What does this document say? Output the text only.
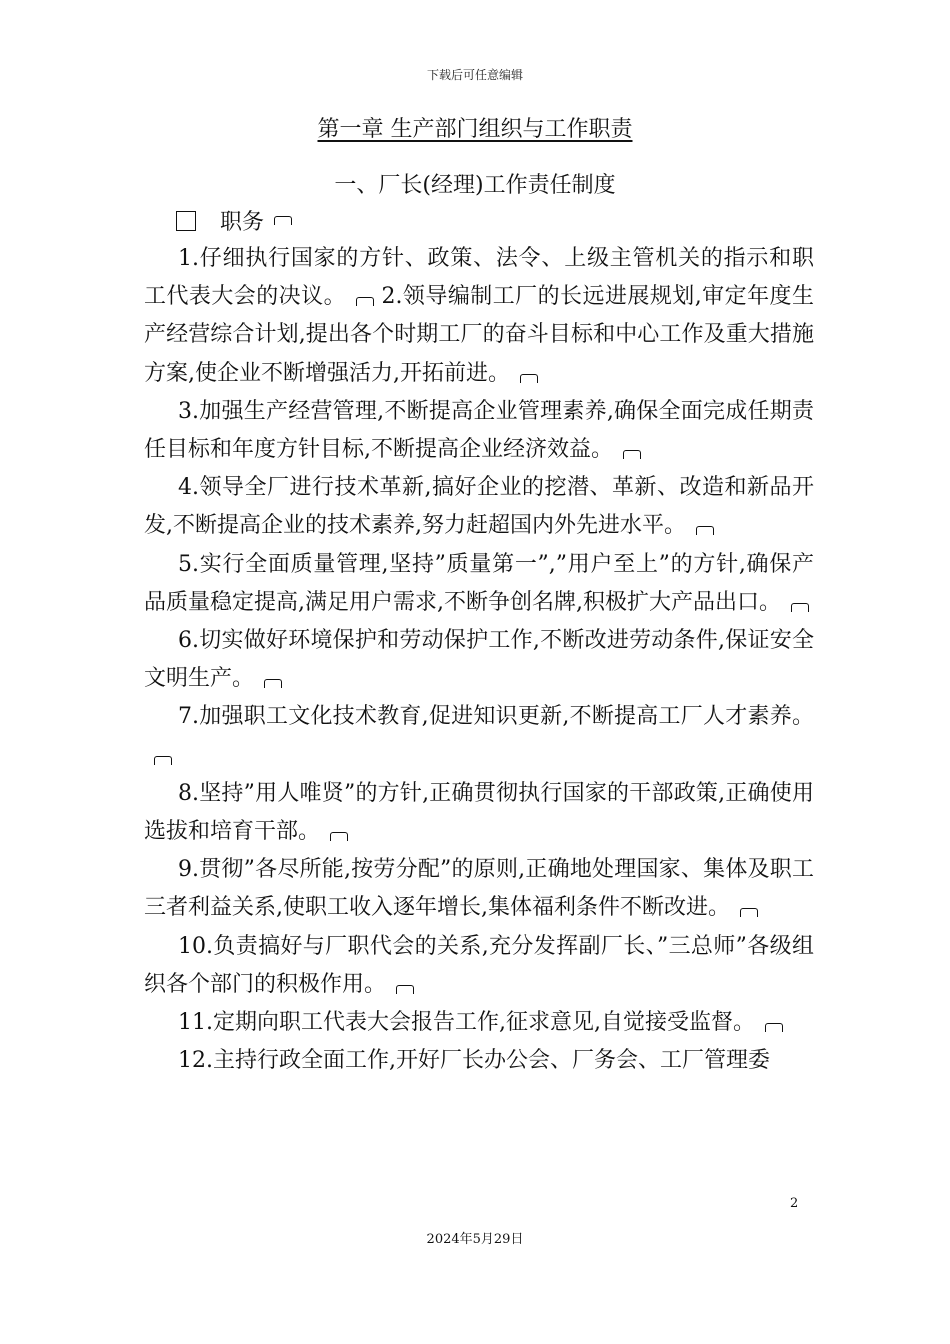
下载后可任意编辑
第一章 生产部门组织与工作职责
一、厂长(经理)工作责任制度
职务

1.仔细执行国家的方针、政策、法令、上级主管机关的指示和职工代表大会的决议。 2.领导编制工厂的长远进展规划,审定年度生产经营综合计划,提出各个时期工厂的奋斗目标和中心工作及重大措施方案,使企业不断增强活力,开拓前进。

3.加强生产经营管理,不断提高企业管理素养,确保全面完成任期责任目标和年度方针目标,不断提高企业经济效益。

4.领导全厂进行技术革新,搞好企业的挖潜、革新、改造和新品开发,不断提高企业的技术素养,努力赶超国内外先进水平。

5.实行全面质量管理,坚持”质量第一”,”用户至上”的方针,确保产品质量稳定提高,满足用户需求,不断争创名牌,积极扩大产品出口。

6.切实做好环境保护和劳动保护工作,不断改进劳动条件,保证安全文明生产。

7.加强职工文化技术教育,促进知识更新,不断提高工厂人才素养。

8.坚持”用人唯贤”的方针,正确贯彻执行国家的干部政策,正确使用选拔和培育干部。

9.贯彻”各尽所能,按劳分配”的原则,正确地处理国家、集体及职工三者利益关系,使职工收入逐年增长,集体福利条件不断改进。

10.负责搞好与厂职代会的关系,充分发挥副厂长、”三总师”各级组织各个部门的积极作用。

11.定期向职工代表大会报告工作,征求意见,自觉接受监督。

12.主持行政全面工作,开好厂长办公会、厂务会、工厂管理委

2
2024年5月29日
